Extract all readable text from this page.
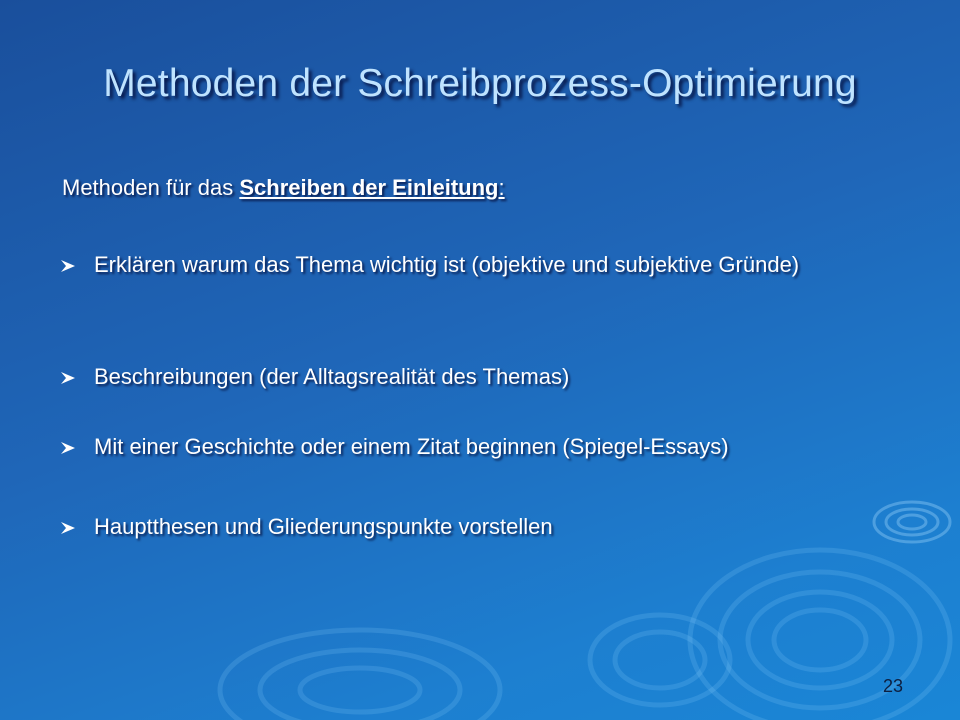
Methoden der Schreibprozess-Optimierung
Methoden für das Schreiben der Einleitung:
Erklären warum das Thema wichtig ist (objektive und subjektive Gründe)
Beschreibungen (der Alltagsrealität des Themas)
Mit einer Geschichte oder einem Zitat beginnen (Spiegel-Essays)
Hauptthesen und Gliederungspunkte vorstellen
23
